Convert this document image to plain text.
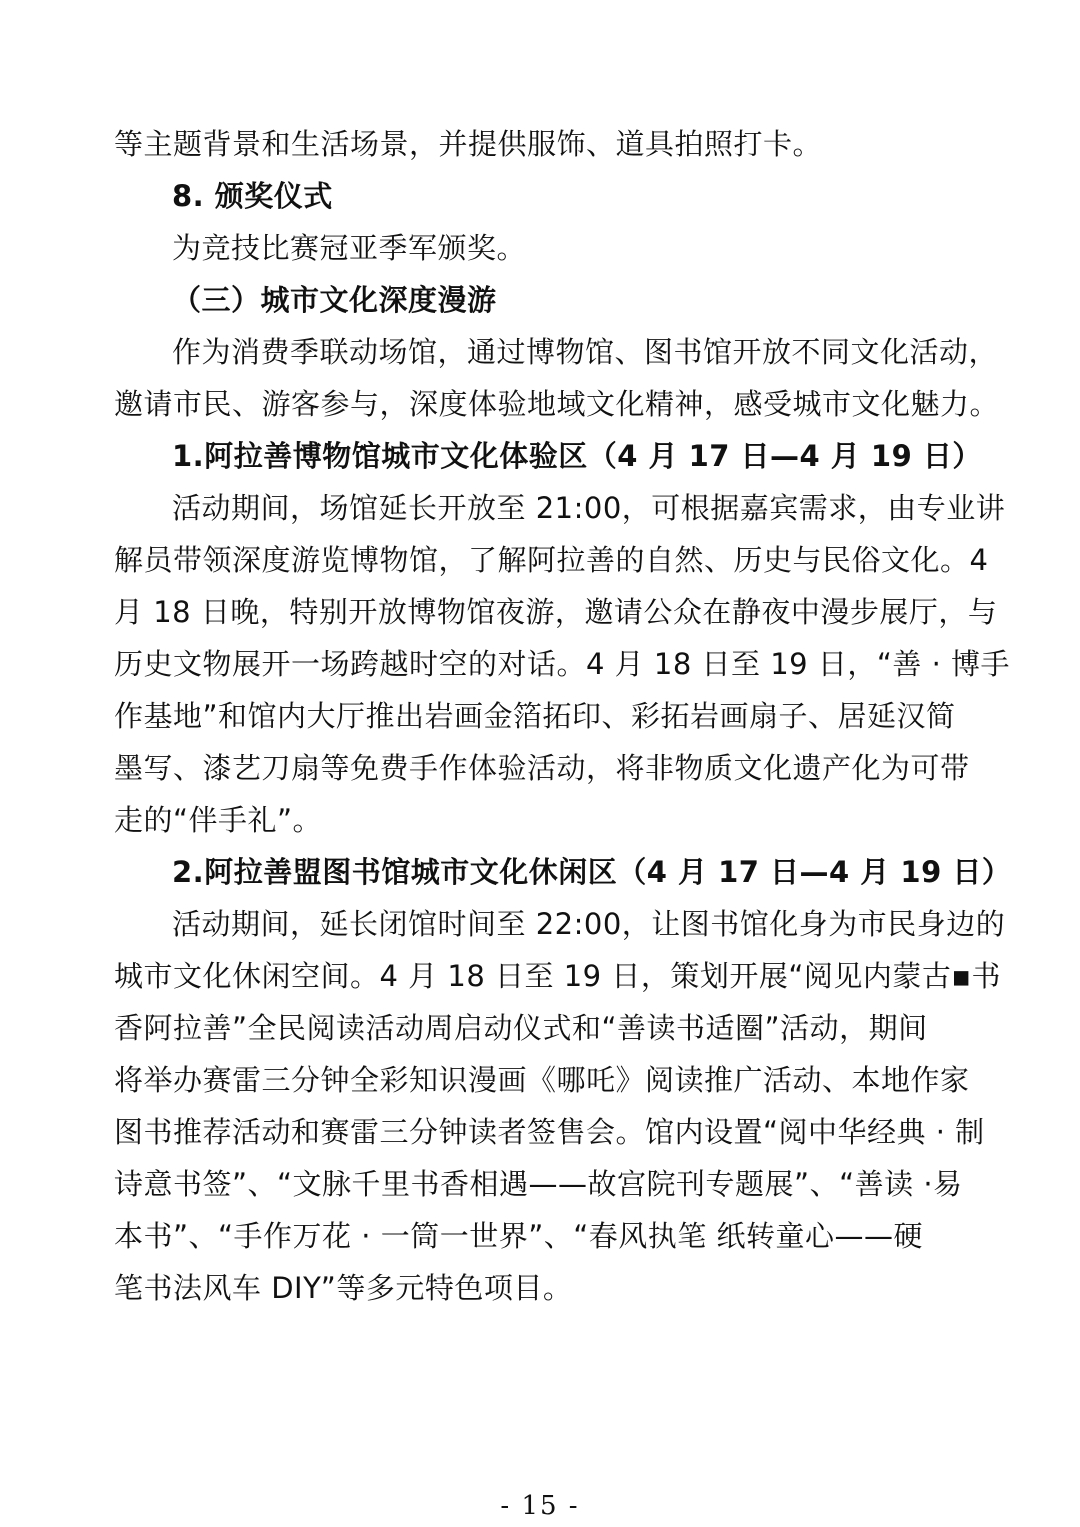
等主题背景和生活场景，并提供服饰、道具拍照打卡。

8. 颁奖仪式

为竞技比赛冠亚季军颁奖。

（三）城市文化深度漫游

作为消费季联动场馆，通过博物馆、图书馆开放不同文化活动，

邀请市民、游客参与，深度体验地域文化精神，感受城市文化魅力。

1.阿拉善博物馆城市文化体验区（4 月 17 日—4 月 19 日）

活动期间，场馆延长开放至 21:00，可根据嘉宾需求，由专业讲

解员带领深度游览博物馆，了解阿拉善的自然、历史与民俗文化。4

月 18 日晚，特别开放博物馆夜游，邀请公众在静夜中漫步展厅，与

历史文物展开一场跨越时空的对话。4 月 18 日至 19 日，“善 · 博手

作基地”和馆内大厅推出岩画金箔拓印、彩拓岩画扇子、居延汉简

墨写、漆艺刀扇等免费手作体验活动，将非物质文化遗产化为可带

走的“伴手礼”。

2.阿拉善盟图书馆城市文化休闲区（4 月 17 日—4 月 19 日）

活动期间，延长闭馆时间至 22:00，让图书馆化身为市民身边的

城市文化休闲空间。4 月 18 日至 19 日，策划开展“阅见内蒙古▪书

香阿拉善”全民阅读活动周启动仪式和“善读书适圈”活动，期间

将举办赛雷三分钟全彩知识漫画《哪吒》阅读推广活动、本地作家

图书推荐活动和赛雷三分钟读者签售会。馆内设置“阅中华经典 · 制

诗意书签”、“文脉千里书香相遇——故宫院刊专题展”、“善读 ·易

本书”、“手作万花 · 一筒一世界”、“春风执笔 纸转童心——硬

笔书法风车 DIY”等多元特色项目。

- 15 -
